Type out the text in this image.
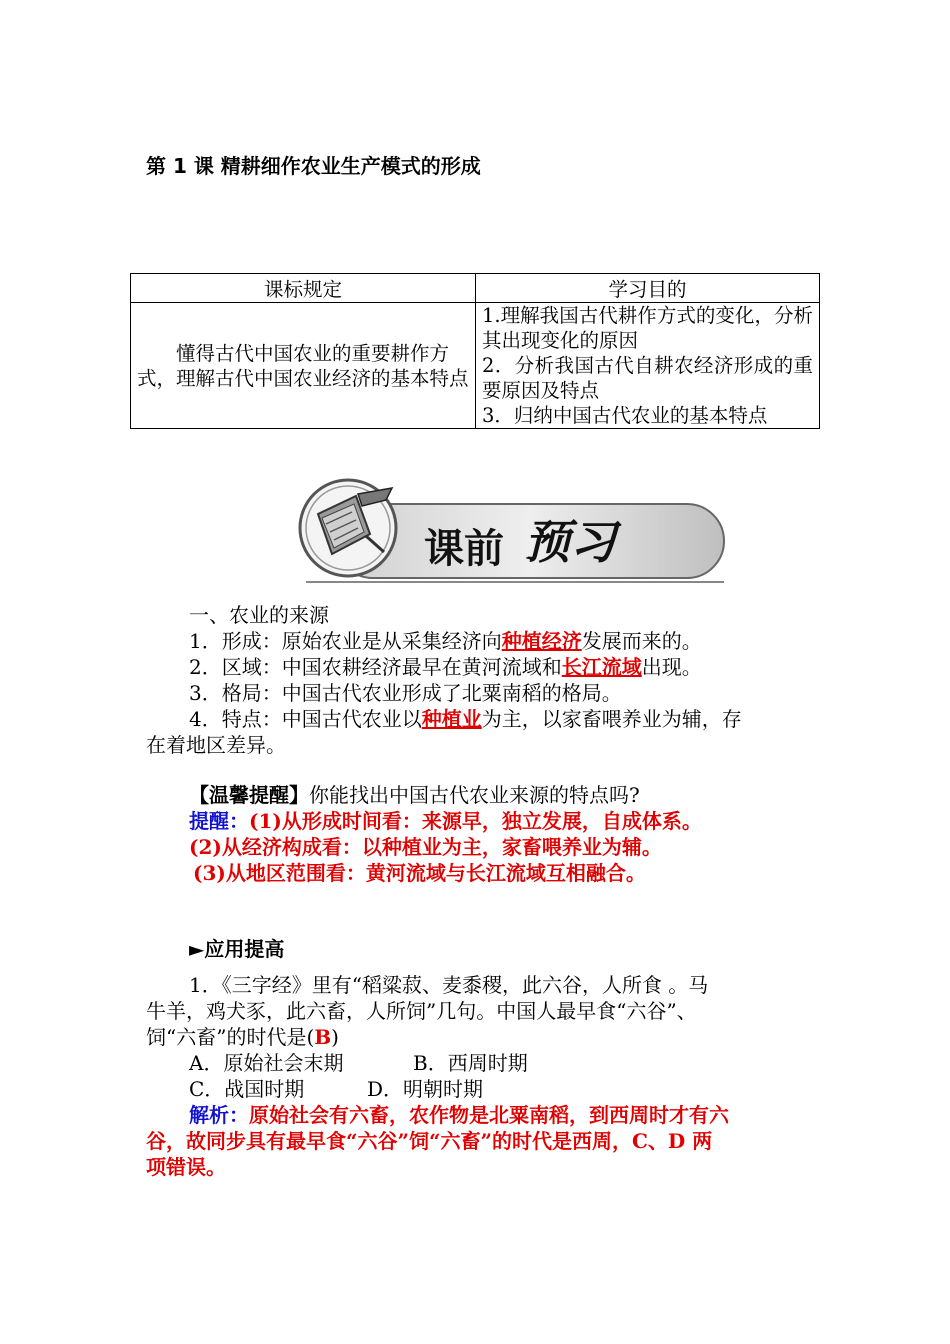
第 1 课 精耕细作农业生产模式的形成
课标规定	学习目的
懂得古代中国农业的重要耕作方式，理解古代中国农业经济的基本特点	1.理解我国古代耕作方式的变化，分析其出现变化的原因
2．分析我国古代自耕农经济形成的重要原因及特点
3．归纳中国古代农业的基本特点
课前 预习
一、农业的来源
1．形成：原始农业是从采集经济向种植经济发展而来的。
2．区域：中国农耕经济最早在黄河流域和长江流域出现。
3．格局：中国古代农业形成了北粟南稻的格局。
4．特点：中国古代农业以种植业为主，以家畜喂养业为辅，存
在着地区差异。
【温馨提醒】你能找出中国古代农业来源的特点吗?
提醒：(1)从形成时间看：来源早，独立发展，自成体系。
(2)从经济构成看：以种植业为主，家畜喂养业为辅。
(3)从地区范围看：黄河流域与长江流域互相融合。
►应用提高
1．《三字经》里有“稻粱菽、麦黍稷，此六谷，人所食 。马
牛羊，鸡犬豕，此六畜，人所饲”几句。中国人最早食“六谷”、
饲“六畜”的时代是(B)
A．原始社会末期	B．西周时期
C．战国时期	D．明朝时期
解析：原始社会有六畜，农作物是北粟南稻，到西周时才有六
谷，故同步具有最早食“六谷”饲“六畜”的时代是西周，C、D 两
项错误。
